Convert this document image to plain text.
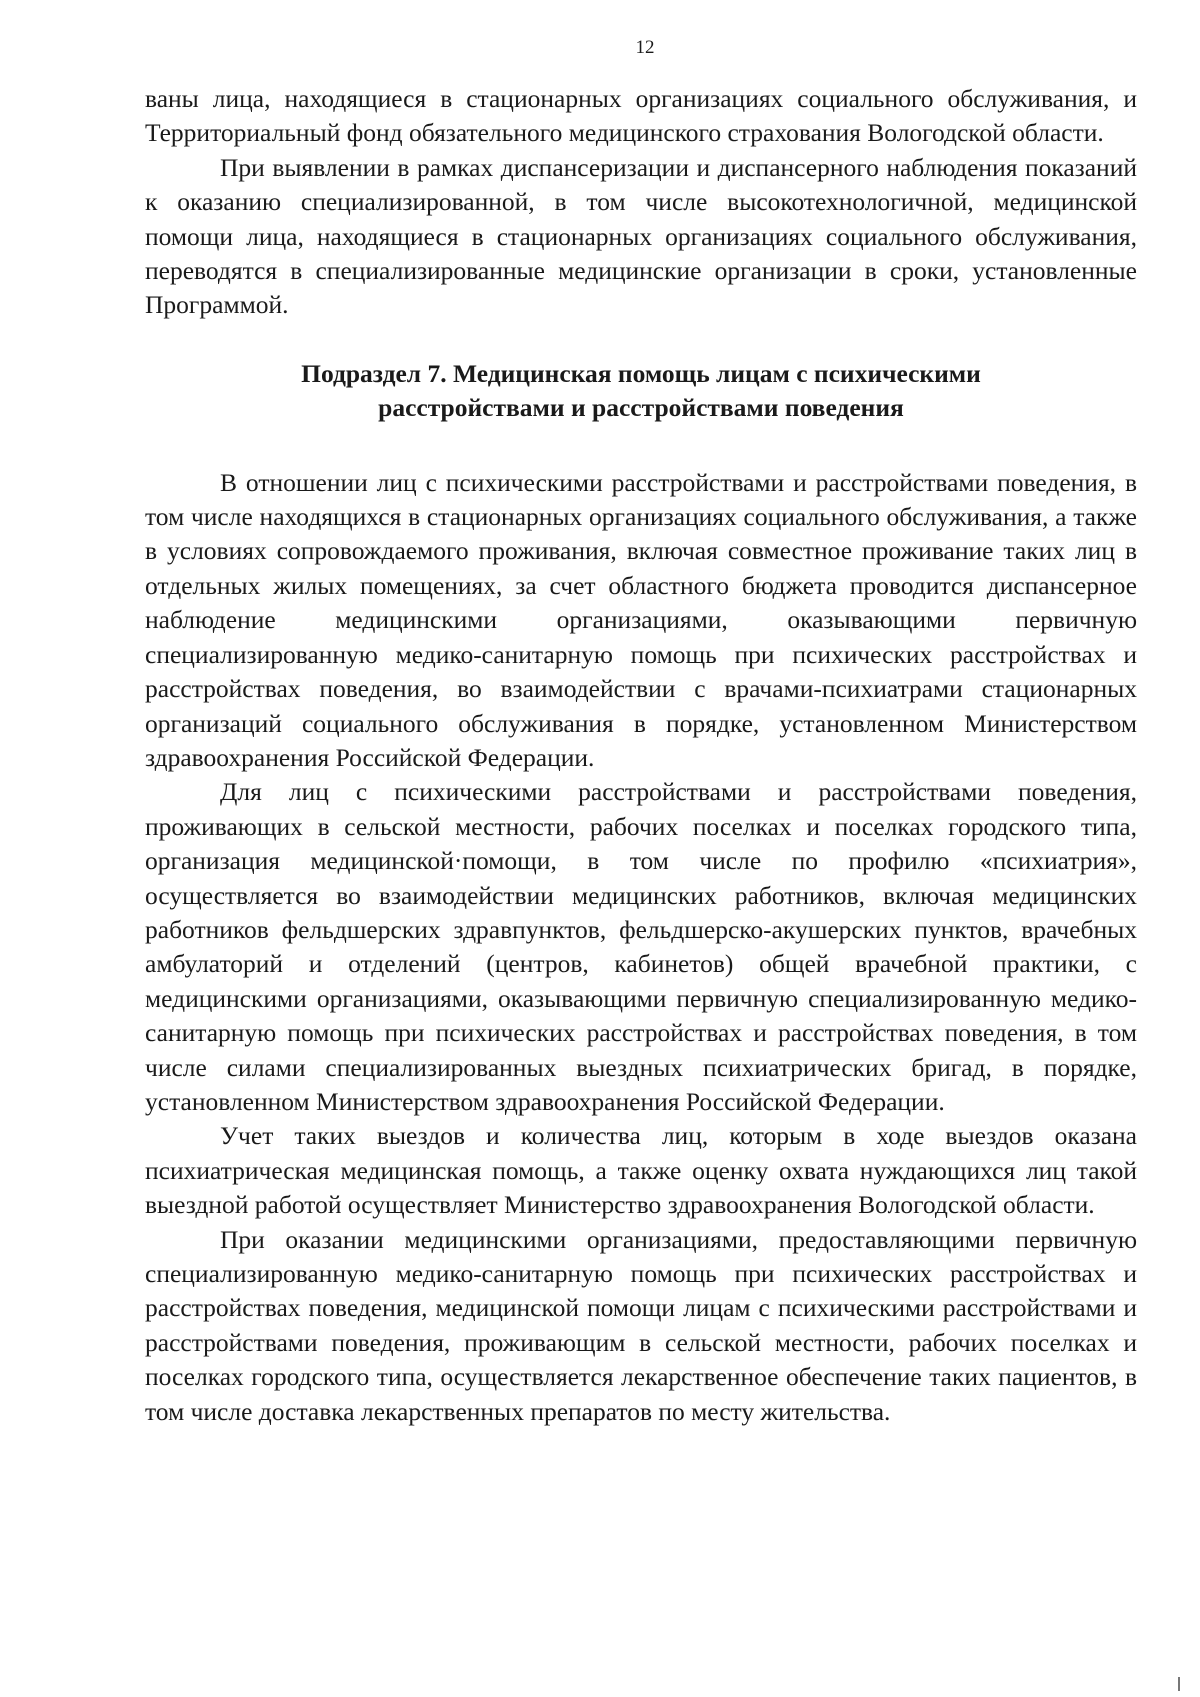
12

ваны лица, находящиеся в стационарных организациях социального обслуживания, и Территориальный фонд обязательного медицинского страхования Вологодской области.

При выявлении в рамках диспансеризации и диспансерного наблюдения показаний к оказанию специализированной, в том числе высокотехнологичной, медицинской помощи лица, находящиеся в стационарных организациях социального обслуживания, переводятся в специализированные медицинские организации в сроки, установленные Программой.

Подраздел 7. Медицинская помощь лицам с психическими
расстройствами и расстройствами поведения

В отношении лиц с психическими расстройствами и расстройствами поведения, в том числе находящихся в стационарных организациях социального обслуживания, а также в условиях сопровождаемого проживания, включая совместное проживание таких лиц в отдельных жилых помещениях, за счет областного бюджета проводится диспансерное наблюдение медицинскими организациями, оказывающими первичную специализированную медико-санитарную помощь при психических расстройствах и расстройствах поведения, во взаимодействии с врачами-психиатрами стационарных организаций социального обслуживания в порядке, установленном Министерством здравоохранения Российской Федерации.

Для лиц с психическими расстройствами и расстройствами поведения, проживающих в сельской местности, рабочих поселках и поселках городского типа, организация медицинской·помощи, в том числе по профилю «психиатрия», осуществляется во взаимодействии медицинских работников, включая медицинских работников фельдшерских здравпунктов, фельдшерско-акушерских пунктов, врачебных амбулаторий и отделений (центров, кабинетов) общей врачебной практики, с медицинскими организациями, оказывающими первичную специализированную медико-санитарную помощь при психических расстройствах и расстройствах поведения, в том числе силами специализированных выездных психиатрических бригад, в порядке, установленном Министерством здравоохранения Российской Федерации.

Учет таких выездов и количества лиц, которым в ходе выездов оказана психиатрическая медицинская помощь, а также оценку охвата нуждающихся лиц такой выездной работой осуществляет Министерство здравоохранения Вологодской области.

При оказании медицинскими организациями, предоставляющими первичную специализированную медико-санитарную помощь при психических расстройствах и расстройствах поведения, медицинской помощи лицам с психическими расстройствами и расстройствами поведения, проживающим в сельской местности, рабочих поселках и поселках городского типа, осуществляется лекарственное обеспечение таких пациентов, в том числе доставка лекарственных препаратов по месту жительства.
